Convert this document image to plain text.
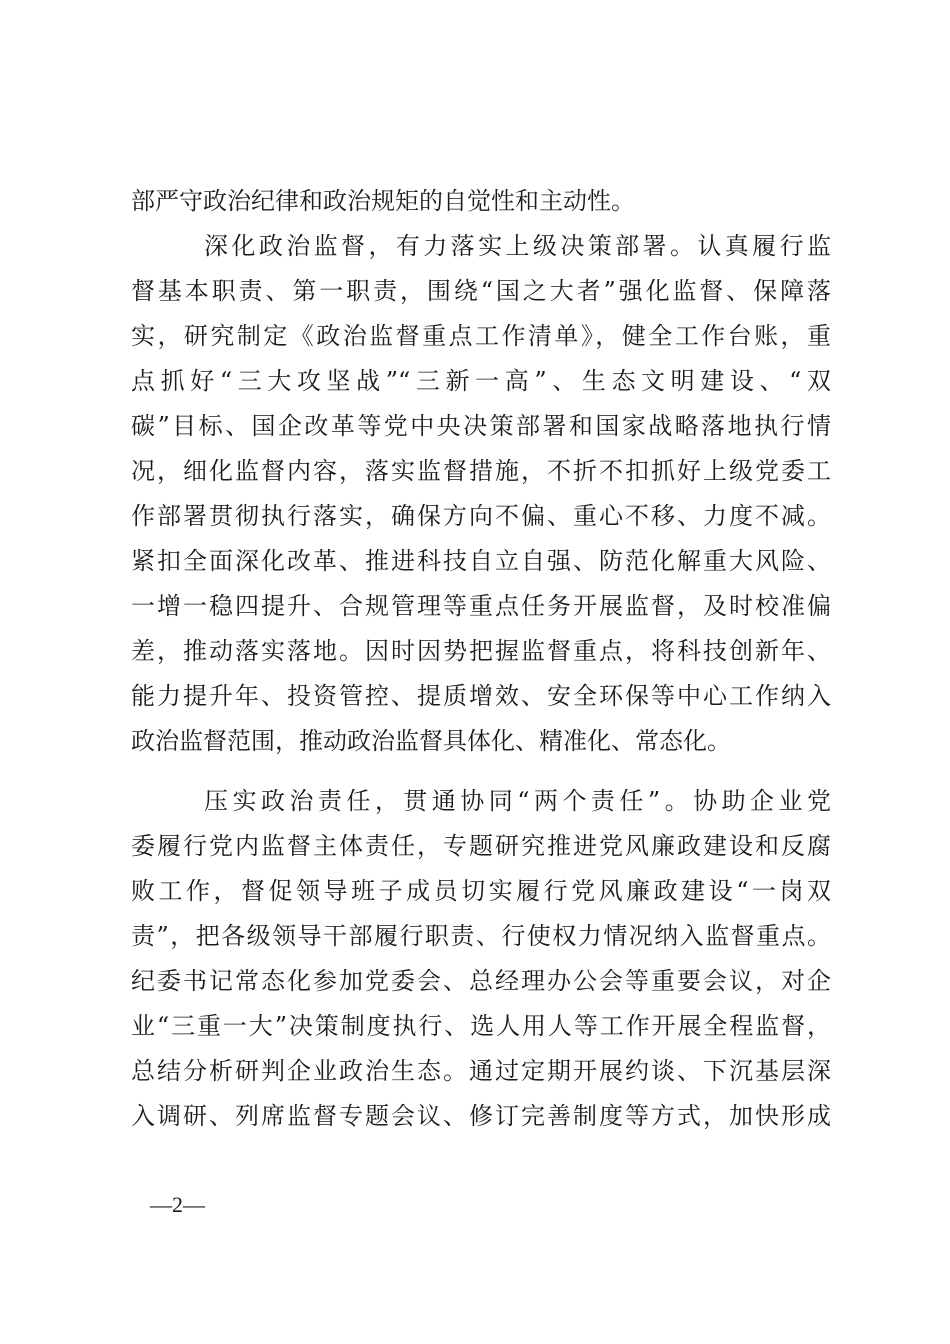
部严守政治纪律和政治规矩的自觉性和主动性。
深化政治监督，有力落实上级决策部署。认真履行监
督基本职责、第一职责，围绕“国之大者”强化监督、保障落
实，研究制定《政治监督重点工作清单》，健全工作台账，重
点抓好“三大攻坚战”“三新一高”、生态文明建设、“双
碳”目标、国企改革等党中央决策部署和国家战略落地执行情
况，细化监督内容，落实监督措施，不折不扣抓好上级党委工
作部署贯彻执行落实，确保方向不偏、重心不移、力度不减。
紧扣全面深化改革、推进科技自立自强、防范化解重大风险、
一增一稳四提升、合规管理等重点任务开展监督，及时校准偏
差，推动落实落地。因时因势把握监督重点，将科技创新年、
能力提升年、投资管控、提质增效、安全环保等中心工作纳入
政治监督范围，推动政治监督具体化、精准化、常态化。
压实政治责任，贯通协同“两个责任”。协助企业党
委履行党内监督主体责任，专题研究推进党风廉政建设和反腐
败工作，督促领导班子成员切实履行党风廉政建设“一岗双
责”，把各级领导干部履行职责、行使权力情况纳入监督重点。
纪委书记常态化参加党委会、总经理办公会等重要会议，对企
业“三重一大”决策制度执行、选人用人等工作开展全程监督，
总结分析研判企业政治生态。通过定期开展约谈、下沉基层深
入调研、列席监督专题会议、修订完善制度等方式，加快形成
—2—
